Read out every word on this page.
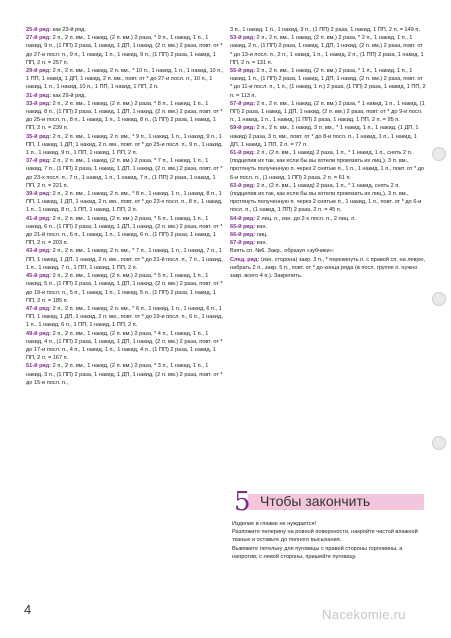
25-й ряд: как 23-й ряд.

27-й ряд: 2 п., 2 п. вм., 1 накид, (2 п. вм.) 2 раза, * 9 п., 1 накид, 1 п., 1 накид, 9 п., (1 ПП) 2 раза, 1 накид, 1 ДП, 1 накид, (2 п. вм.) 2 раза, повт. от * до 27-и посл. п., 9 п., 1 накид, 1 п., 1 накид, 9 п., (1 ПП) 2 раза, 1 накид, 1 ПП, 2 п. = 257 п.

29-й ряд: 2 п., 2 п. вм., 1 накид, 2 п. вм., * 10 п., 1 накид, 1 п., 1 накид, 10 п., 1 ПП, 1 накид, 1 ДП, 1 накид, 2 п. вм., повт. от * до 27-и посл. п., 10 п., 1 накид, 1 п., 1 накид, 10 п., 1 ПП, 1 накид, 1 ПП, 2 п.

31-й ряд: как 29-й ряд.

33-й ряд: 2 п., 2 п. вм., 1 накид, (2 п. вм.) 2 раза, * 8 п., 1 накид, 1 п., 1 накид, 8 п., (1 ПП) 2 раза, 1 накид, 1 ДП, 1 накид, (2 п. вм.) 2 раза, повт. от * до 25-и посл. п., 8 п., 1 накид, 1 п., 1 накид, 8 п., (1 ПП) 2 раза, 1 накид, 1 ПП, 2 п. = 239 п.

35-й ряд: 2 п., 2 п. вм., 1 накид, 2 п. вм., * 9 п., 1 накид, 1 п., 1 накид, 9 п., 1 ПП, 1 накид, 1 ДП, 1 накид, 2 п. вм., повт. от * до 25-и посл. п., 9 п., 1 накид, 1 п., 1 накид, 9 п., 1 ПП, 1 накид, 1 ПП, 2 п.

37-й ряд: 2 п., 2 п. вм., 1 накид, (2 п. вм.) 2 раза, * 7 п., 1 накид, 1 п., 1 накид, 7 п., (1 ПП) 2 раза, 1 накид, 1 ДП, 1 накид, (2 п. вм.) 2 раза, повт. от * до 23-х посл. п., 7 п., 1 накид, 1 п., 1 накид, 7 п., (1 ПП) 2 раза, 1 накид, 1 ПП, 2 п. = 221 п.

39-й ряд: 2 п., 2 п. вм., 1 накид, 2 п. вм., * 8 п., 1 накид, 1 п., 1 накид, 8 п., 1 ПП, 1 накид, 1 ДП, 1 накид, 2 п. вм., повт. от * до 23-х посл. п., 8 п., 1 накид, 1 п., 1 накид, 8 п., 1 ПП, 1 накид, 1 ПП, 2 п.

41-й ряд: 2 п., 2 п. вм., 1 накид, (2 п. вм.) 2 раза, * 6 п., 1 накид, 1 п., 1 накид, 6 п., (1 ПП) 2 раза, 1 накид, 1 ДП, 1 накид, (2 п. вм.) 2 раза, повт. от * до 21-й посл. п., 6 п., 1 накид, 1 п., 1 накид, 6 п., (1 ПП) 2 раза, 1 накид, 1 ПП, 2 п. = 203 п.

43-й ряд: 2 п., 2 п. вм., 1 накид, 2 п. вм., * 7 п., 1 накид, 1 п., 1 накид, 7 п., 1 ПП, 1 накид, 1 ДП, 1 накид, 2 п. вм., повт. от * до 21-й посл. п., 7 п., 1 накид, 1 п., 1 накид, 7 п., 1 ПП, 1 накид, 1 ПП, 2 п.

45-й ряд: 2 п., 2 п. вм., 1 накид, (2 п. вм.) 2 раза, * 5 п., 1 накид, 1 п., 1 накид, 5 п., (1 ПП) 2 раза, 1 накид, 1 ДП, 1 накид, (2 п. вм.) 2 раза, повт. от * до 19-и посл. п., 5 п., 1 накид, 1 п., 1 накид, 5 п., (1 ПП) 2 раза, 1 накид, 1 ПП, 2 п. = 185 п.

47-й ряд: 2 п., 2 п. вм., 1 накид, 2 п. вм., * 6 п., 1 накид, 1 п., 1 накид, 6 п., 1 ПП, 1 накид, 1 ДП, 1 накид, 2 п. вм., повт. от * до 19-и посл. п., 6 п., 1 накид, 1 п., 1 накид, 6 п., 1 ПП, 1 накид, 1 ПП, 2 п.

49-й ряд: 2 п., 2 п. вм., 1 накид, (2 п. вм.) 2 раза, * 4 п., 1 накид, 1 п., 1 накид, 4 п., (1 ПП) 2 раза, 1 накид, 1 ДП, 1 накид, (2 п. вм.) 2 раза, повт. от * до 17-и посл. п., 4 п., 1 накид, 1 п., 1 накид, 4 п., (1 ПП) 2 раза, 1 накид, 1 ПП, 2 п. = 167 п.

51-й ряд: 2 п., 2 п. вм., 1 накид, (2 п. вм.) 2 раза, * 3 п., 1 накид, 1 п., 1 накид, 3 п., (1 ПП) 2 раза, 1 накид, 1 ДП, 1 накид, (2 п. вм.) 2 раза, повт. от * до 15-и посл. п.,

3 п., 1 накид, 1 п., 1 накид, 3 п., (1 ПП) 2 раза, 1 накид, 1 ПП, 2 п. = 149 п.

53-й ряд: 2 п., 2 п. вм., 1 накид, (2 п. вм.) 2 раза, * 2 п., 1 накид, 1 п., 1 накид, 2 п., (1 ПП) 2 раза, 1 накид, 1 ДП, 1 накид, (2 п. вм.) 2 раза, повт. от * до 13-и посл. п., 2 п., 1 накид, 1 п., 1 накид, 2 п., (1 ПП) 2 раза, 1 накид, 1 ПП, 2 п. = 131 п.

55-й ряд: 2 п., 2 п. вм., 1 накид, (2 п. вм.) 2 раза, * 1 п., 1 накид, 1 п., 1 накид, 1 п., (1 ПП) 2 раза, 1 накид, 1 ДП, 1 накид, (2 п. вм.) 2 раза, повт. от * до 11-и посл. п., 1 п., (1 накид, 1 п.) 2 раза, (1 ПП) 2 раза, 1 накид, 1 ПП, 2 п. = 113 п.

57-й ряд: 2 п., 2 п. вм., 1 накид, (2 п. вм.) 2 раза, * 1 накид, 1 п., 1 накид, (1 ПП) 2 раза, 1 накид, 1 ДП, 1 накид, (2 п. вм.) 2 раза, повт. от * до 9-и посл. п., 1 накид, 1 п., 1 накид, (1 ПП) 2 раза, 1 накид, 1 ПП, 2 п. = 95 п.

59-й ряд: 2 п., 2 п. вм., 1 накид, 3 п. вм., * 1 накид, 1 п., 1 накид, (1 ДП, 1 накид) 2 раза, 3 п. вм., повт. от * до 8-и посл. п., 1 накид, 1 п., 1 накид, 1 ДП, 1 накид, 1 ПП, 2 п. = 77 п.

61-й ряд: 2 п., (2 п. вм., 1 накид) 2 раза, 1 п., * 1 накид, 1 п., снять 2 п. (подцепив их так, как если бы вы хотели провязать их лиц.), 3 п. вм., протянуть полученную п. через 2 снятые п., 1 п., 1 накид, 1 п., повт. от * до 6-и посл. п., (1 накид, 1 ПП) 2 раза, 2 п. = 61 п.

63-й ряд: 2 п., (2 п. вм., 1 накид) 2 раза, 1 п., * 1 накид, снять 2 п. (подцепив их так, как если бы вы хотели провязать их лиц.), 3 п. вм., протянуть полученную п. через 2 снятые п., 1 накид, 1 п., повт. от * до 6-и посл. п., (1 накид, 1 ПП) 2 раза, 2 п. = 45 п.

64-й ряд: 2 лиц. п., изн. до 2-х посл. п., 2 лиц. п.

65-й ряд: изн.

66-й ряд: лиц.

67-й ряд: изн.

Взять сп. №6. Закр., образуя «зубчики»:

След. ряд: (изн. сторона) закр. 3 п., * перекинуть п. с правой сп. на левую, набрать 2 п., закр. 5 п., повт. от * до конца ряда (в посл. группе п. нужно закр. всего 4 п.). Закрепить.

5 Чтобы закончить

Изделие в глажке не нуждается!

Разложите пелерину на ровной поверхности, накройте чистой влажной тканью и оставьте до полного высыхания.

Вывяжите петельку для пуговицы с правой стороны горловины, а напротив, с левой стороны, пришейте пуговицу.

4	Nacekomie.ru
